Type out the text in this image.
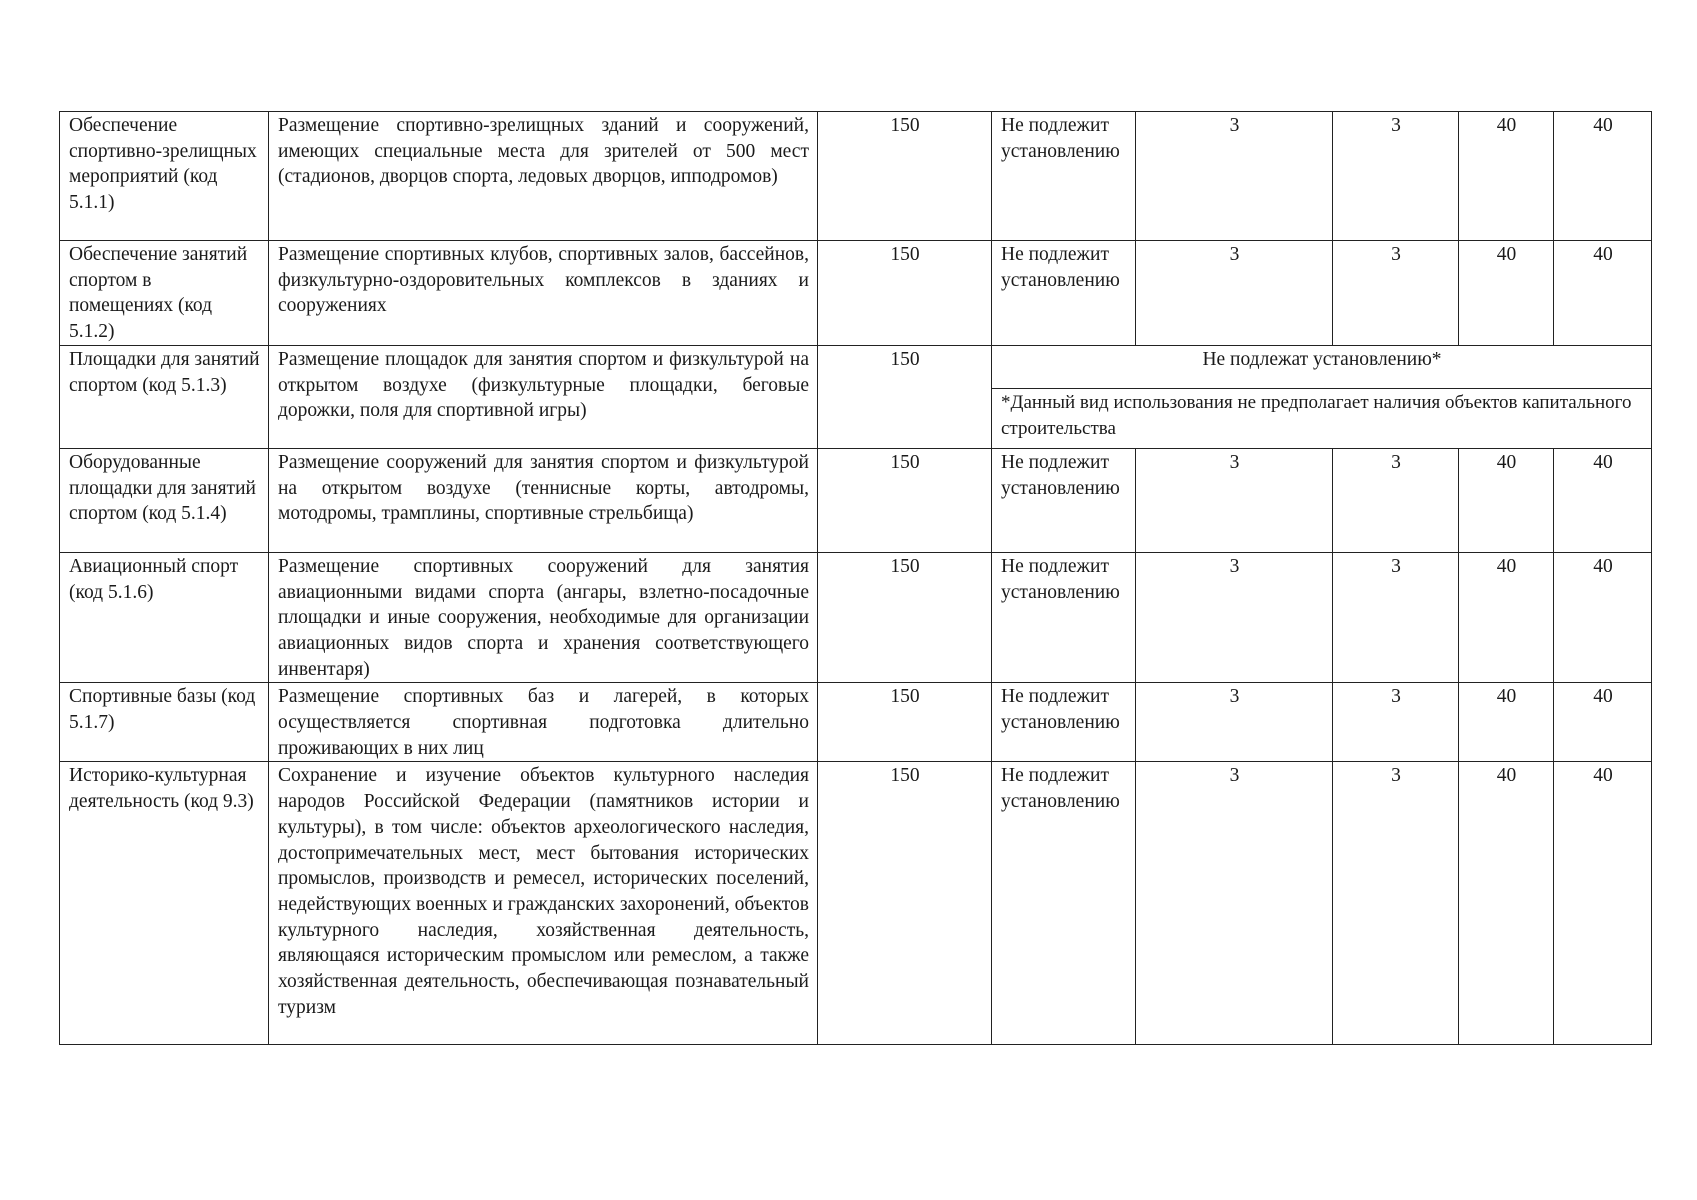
Обеспечение спортивно-зрелищных мероприятий (код 5.1.1)	Размещение спортивно-зрелищных зданий и сооружений, имеющих специальные места для зрителей от 500 мест (стадионов, дворцов спорта, ледовых дворцов, ипподромов)	150	Не подлежит установлению	3	3	40	40
Обеспечение занятий спортом в помещениях (код 5.1.2)	Размещение спортивных клубов, спортивных залов, бассейнов, физкультурно-оздоровительных комплексов в зданиях и сооружениях	150	Не подлежит установлению	3	3	40	40
Площадки для занятий спортом (код 5.1.3)	Размещение площадок для занятия спортом и физкультурой на открытом воздухе (физкультурные площадки, беговые дорожки, поля для спортивной игры)	150	Не подлежат установлению*				
			*Данный вид использования не предполагает наличия объектов капитального строительства				
Оборудованные площадки для занятий спортом (код 5.1.4)	Размещение сооружений для занятия спортом и физкультурой на открытом воздухе (теннисные корты, автодромы, мотодромы, трамплины, спортивные стрельбища)	150	Не подлежит установлению	3	3	40	40
Авиационный спорт (код 5.1.6)	Размещение спортивных сооружений для занятия авиационными видами спорта (ангары, взлетно-посадочные площадки и иные сооружения, необходимые для организации авиационных видов спорта и хранения соответствующего инвентаря)	150	Не подлежит установлению	3	3	40	40
Спортивные базы (код 5.1.7)	Размещение спортивных баз и лагерей, в которых осуществляется спортивная подготовка длительно проживающих в них лиц	150	Не подлежит установлению	3	3	40	40
Историко-культурная деятельность (код 9.3)	Сохранение и изучение объектов культурного наследия народов Российской Федерации (памятников истории и культуры), в том числе: объектов археологического наследия, достопримечательных мест, мест бытования исторических промыслов, производств и ремесел, исторических поселений, недействующих военных и гражданских захоронений, объектов культурного наследия, хозяйственная деятельность, являющаяся историческим промыслом или ремеслом, а также хозяйственная деятельность, обеспечивающая познавательный туризм	150	Не подлежит установлению	3	3	40	40
